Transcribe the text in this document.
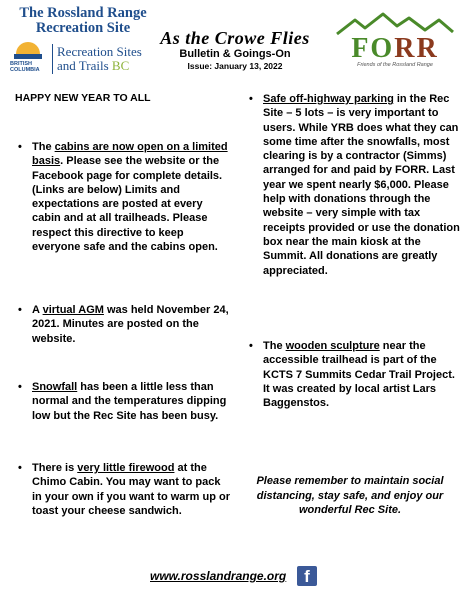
The Rossland Range
Recreation Site
BRITISH
COLUMBIA
Recreation Sites
and Trails BC
As the Crowe Flies
Bulletin & Goings-On
Issue: January 13, 2022
FORR
Friends of the Rossland Range
HAPPY NEW YEAR TO ALL
• The cabins are now open on a limited basis. Please see the website or the Facebook page for complete details. (Links are below) Limits and expectations are posted at every cabin and at all trailheads. Please respect this directive to keep everyone safe and the cabins open.
• A virtual AGM was held November 24, 2021. Minutes are posted on the website.
• Snowfall has been a little less than normal and the temperatures dipping low but the Rec Site has been busy.
• There is very little firewood at the Chimo Cabin. You may want to pack in your own if you want to warm up or toast your cheese sandwich.
• Safe off-highway parking in the Rec Site – 5 lots – is very important to users. While YRB does what they can some time after the snowfalls, most clearing is by a contractor (Simms) arranged for and paid by FORR. Last year we spent nearly $6,000. Please help with donations through the website – very simple with tax receipts provided or use the donation box near the main kiosk at the Summit. All donations are greatly appreciated.
• The wooden sculpture near the accessible trailhead is part of the KCTS 7 Summits Cedar Trail Project. It was created by local artist Lars Baggenstos.
Please remember to maintain social distancing, stay safe, and enjoy our wonderful Rec Site.
www.rosslandrange.org	f
